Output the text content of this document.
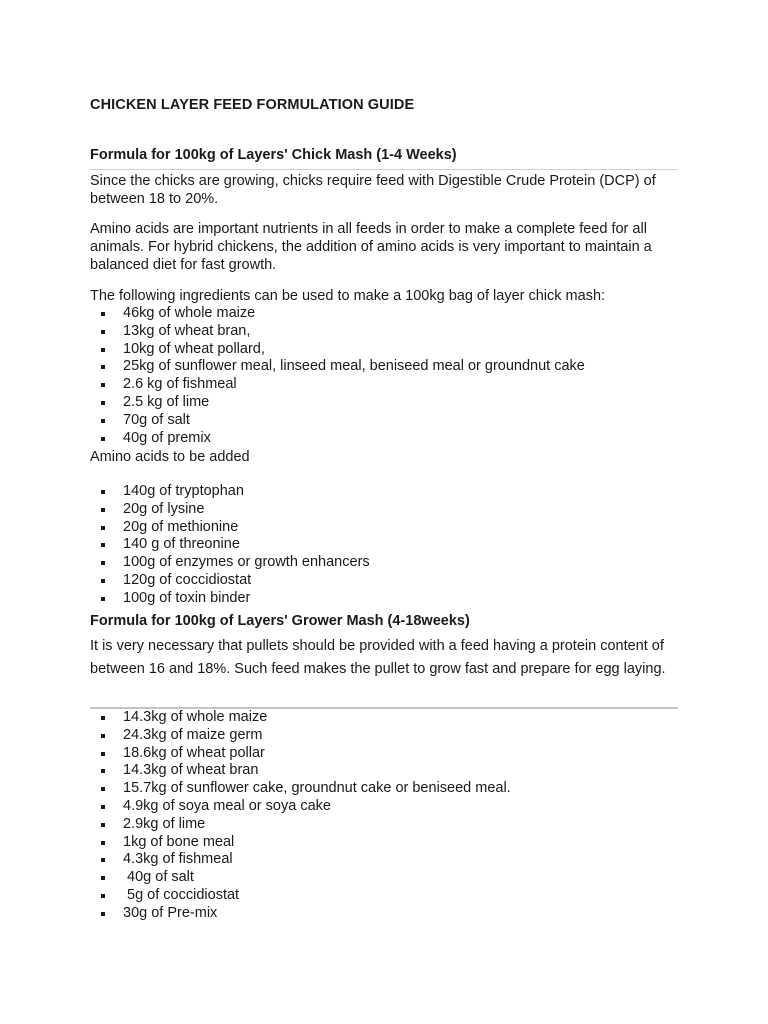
CHICKEN LAYER FEED FORMULATION GUIDE
Formula for 100kg of Layers' Chick Mash (1-4 Weeks)

Since the chicks are growing, chicks require feed with Digestible Crude Protein (DCP) of between 18 to 20%.

Amino acids are important nutrients in all feeds in order to make a complete feed for all animals. For hybrid chickens, the addition of amino acids is very important to maintain a balanced diet for fast growth.

The following ingredients can be used to make a 100kg bag of layer chick mash:

46kg of whole maize
13kg of wheat bran,
10kg of wheat pollard,
25kg of sunflower meal, linseed meal, beniseed meal or groundnut cake
2.6 kg of fishmeal
2.5 kg of lime
70g of salt
40g of premix

Amino acids to be added

140g of tryptophan
20g of lysine
20g of methionine
140 g of threonine
100g of enzymes or growth enhancers
120g of coccidiostat
100g of toxin binder
Formula for 100kg of Layers' Grower Mash (4-18weeks)

It is very necessary that pullets should be provided with a feed having a protein content of between 16 and 18%. Such feed makes the pullet to grow fast and prepare for egg laying.

14.3kg of whole maize
24.3kg of maize germ
18.6kg of wheat pollar
14.3kg of wheat bran
15.7kg of sunflower cake, groundnut cake or beniseed meal.
4.9kg of soya meal or soya cake
2.9kg of lime
1kg of bone meal
4.3kg of fishmeal
40g of salt
5g of coccidiostat
30g of Pre-mix
